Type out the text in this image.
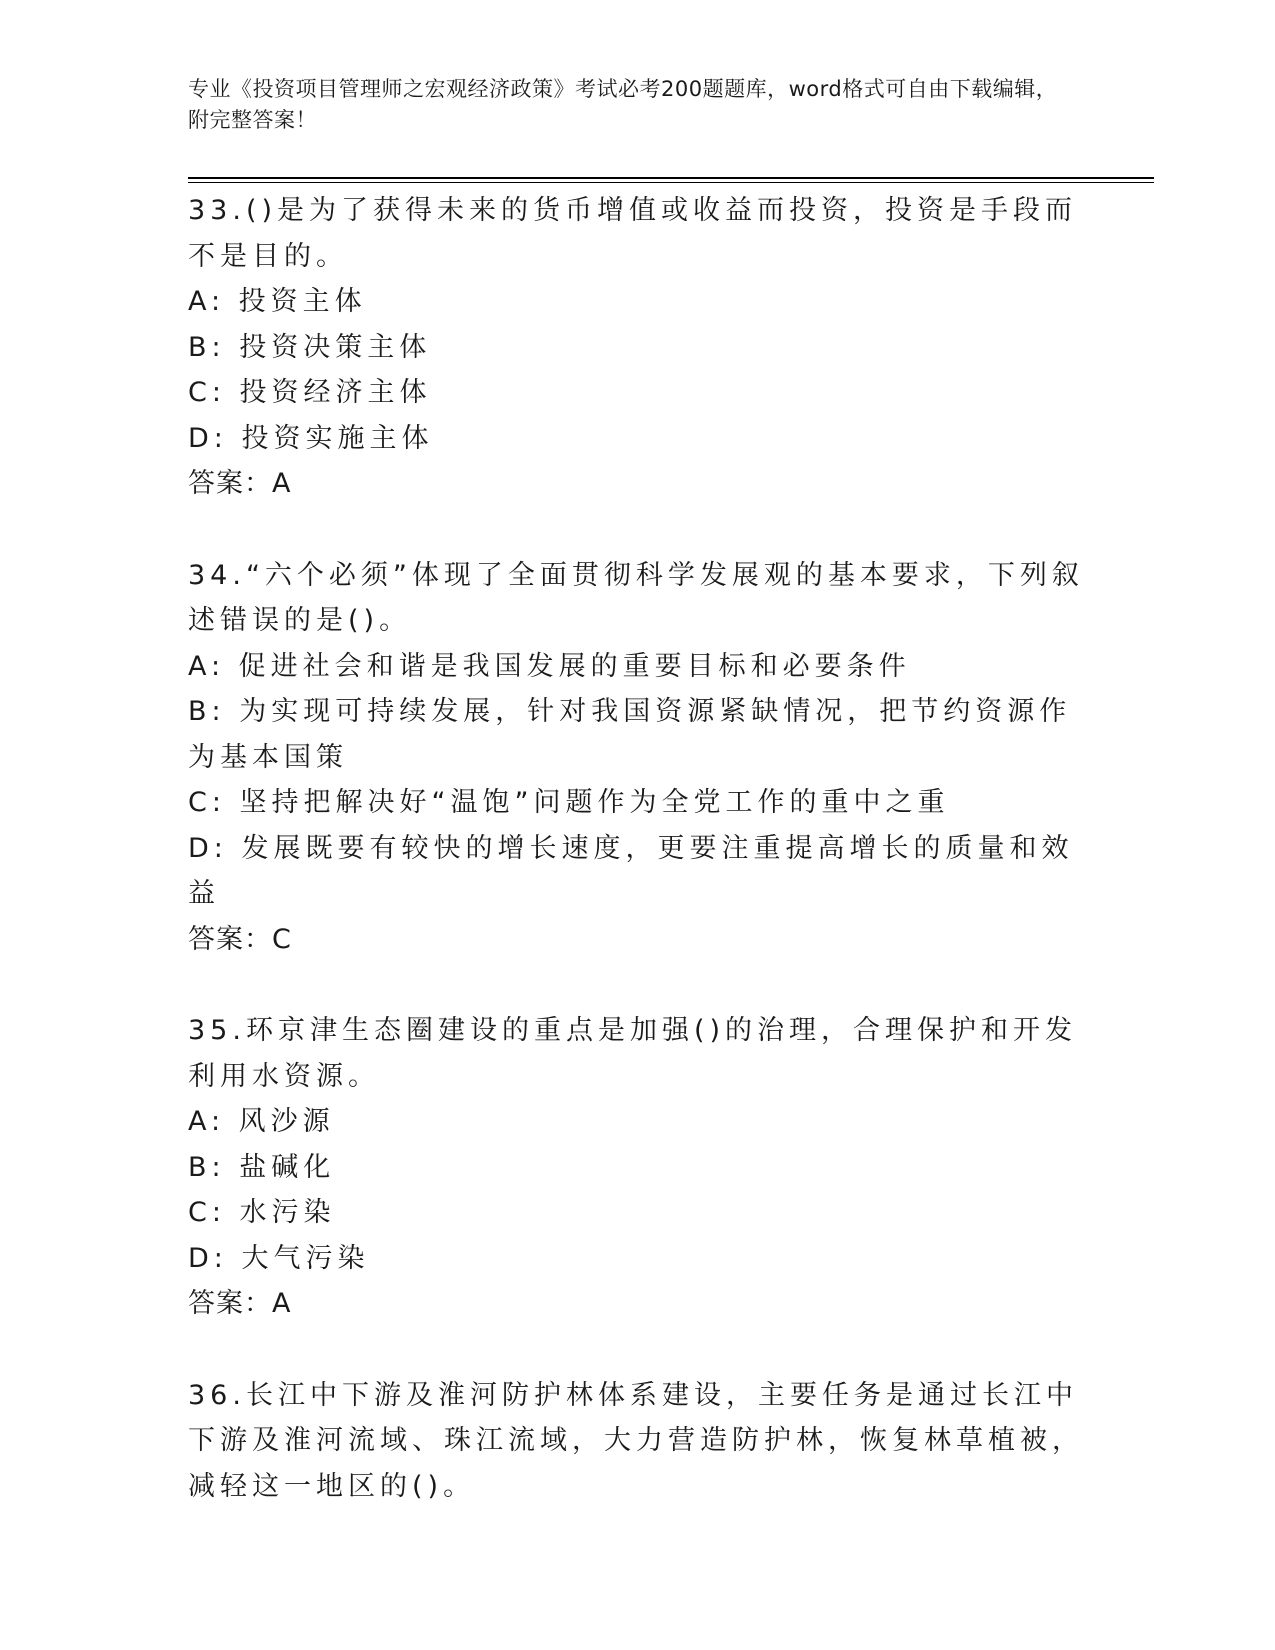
专业《投资项目管理师之宏观经济政策》考试必考200题题库，word格式可自由下载编辑，附完整答案！
33.()是为了获得未来的货币增值或收益而投资，投资是手段而不是目的。
A: 投资主体
B: 投资决策主体
C: 投资经济主体
D: 投资实施主体
答案：A
34.“六个必须”体现了全面贯彻科学发展观的基本要求，下列叙述错误的是()。
A: 促进社会和谐是我国发展的重要目标和必要条件
B: 为实现可持续发展，针对我国资源紧缺情况，把节约资源作为基本国策
C: 坚持把解决好“温饱”问题作为全党工作的重中之重
D: 发展既要有较快的增长速度，更要注重提高增长的质量和效益
答案：C
35.环京津生态圈建设的重点是加强()的治理，合理保护和开发利用水资源。
A: 风沙源
B: 盐碱化
C: 水污染
D: 大气污染
答案：A
36.长江中下游及淮河防护林体系建设，主要任务是通过长江中下游及淮河流域、珠江流域，大力营造防护林，恢复林草植被，减轻这一地区的()。
